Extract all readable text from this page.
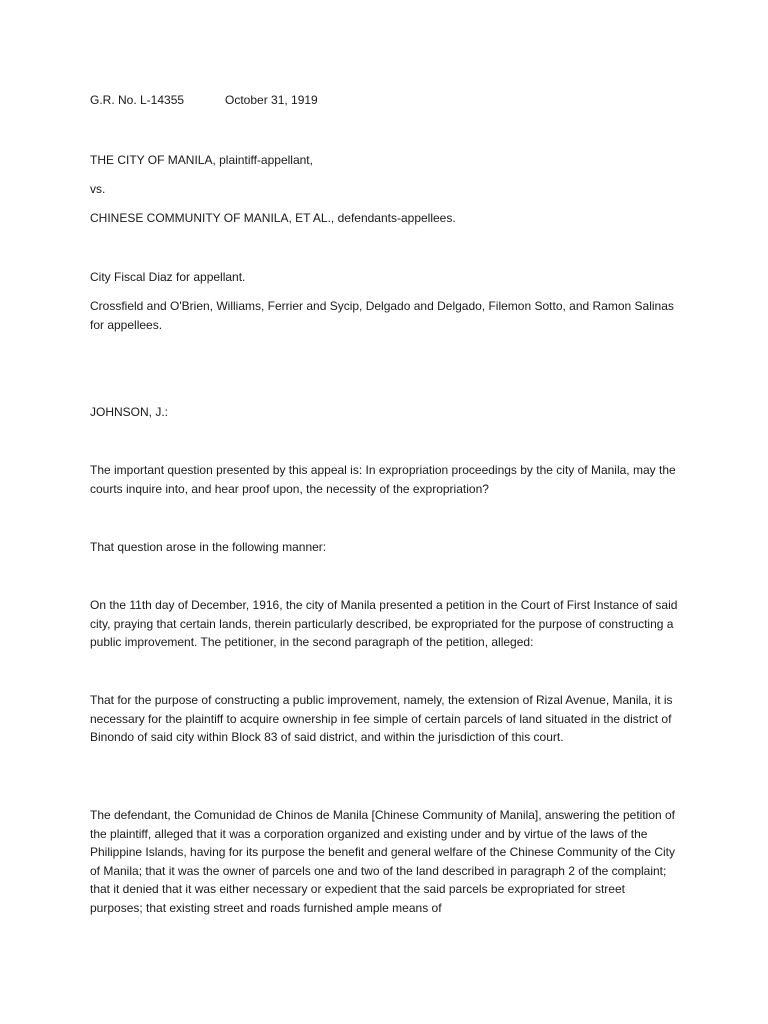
G.R. No. L-14355	October 31, 1919

THE CITY OF MANILA, plaintiff-appellant,

vs.

CHINESE COMMUNITY OF MANILA, ET AL., defendants-appellees.

City Fiscal Diaz for appellant.

Crossfield and O'Brien, Williams, Ferrier and Sycip, Delgado and Delgado, Filemon Sotto, and Ramon Salinas for appellees.

JOHNSON, J.:

The important question presented by this appeal is: In expropriation proceedings by the city of Manila, may the courts inquire into, and hear proof upon, the necessity of the expropriation?

That question arose in the following manner:

On the 11th day of December, 1916, the city of Manila presented a petition in the Court of First Instance of said city, praying that certain lands, therein particularly described, be expropriated for the purpose of constructing a public improvement. The petitioner, in the second paragraph of the petition, alleged:

That for the purpose of constructing a public improvement, namely, the extension of Rizal Avenue, Manila, it is necessary for the plaintiff to acquire ownership in fee simple of certain parcels of land situated in the district of Binondo of said city within Block 83 of said district, and within the jurisdiction of this court.

The defendant, the Comunidad de Chinos de Manila [Chinese Community of Manila], answering the petition of the plaintiff, alleged that it was a corporation organized and existing under and by virtue of the laws of the Philippine Islands, having for its purpose the benefit and general welfare of the Chinese Community of the City of Manila; that it was the owner of parcels one and two of the land described in paragraph 2 of the complaint; that it denied that it was either necessary or expedient that the said parcels be expropriated for street purposes; that existing street and roads furnished ample means of
